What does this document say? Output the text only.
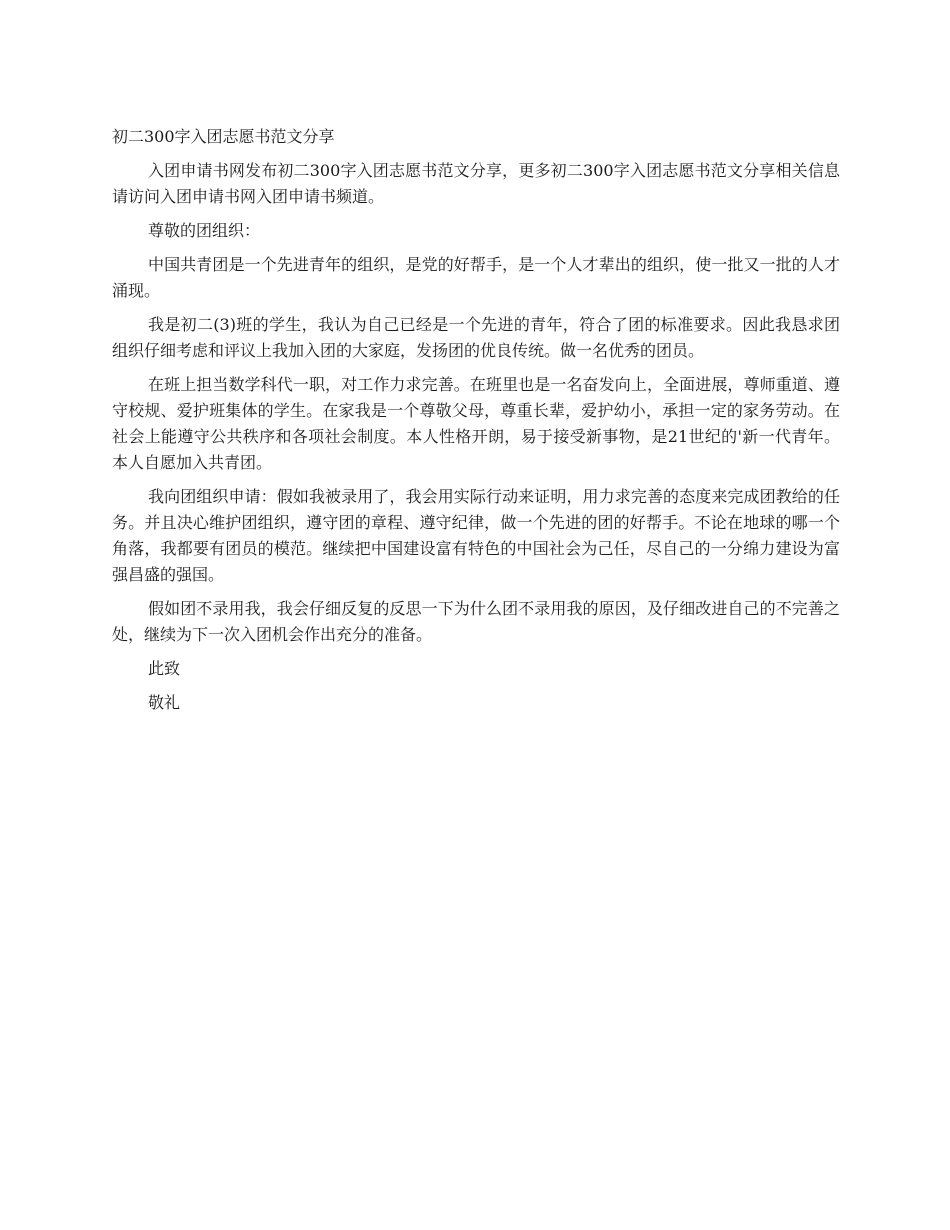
初二300字入团志愿书范文分享

入团申请书网发布初二300字入团志愿书范文分享，更多初二300字入团志愿书范文分享相关信息请访问入团申请书网入团申请书频道。

尊敬的团组织：

中国共青团是一个先进青年的组织，是党的好帮手，是一个人才辈出的组织，使一批又一批的人才涌现。

我是初二(3)班的学生，我认为自己已经是一个先进的青年，符合了团的标准要求。因此我恳求团组织仔细考虑和评议上我加入团的大家庭，发扬团的优良传统。做一名优秀的团员。

在班上担当数学科代一职，对工作力求完善。在班里也是一名奋发向上，全面进展，尊师重道、遵守校规、爱护班集体的学生。在家我是一个尊敬父母，尊重长辈，爱护幼小，承担一定的家务劳动。在社会上能遵守公共秩序和各项社会制度。本人性格开朗，易于接受新事物，是21世纪的'新一代青年。本人自愿加入共青团。

我向团组织申请：假如我被录用了，我会用实际行动来证明，用力求完善的态度来完成团教给的任务。并且决心维护团组织，遵守团的章程、遵守纪律，做一个先进的团的好帮手。不论在地球的哪一个角落，我都要有团员的模范。继续把中国建设富有特色的中国社会为己任，尽自己的一分绵力建设为富强昌盛的强国。

假如团不录用我，我会仔细反复的反思一下为什么团不录用我的原因，及仔细改进自己的不完善之处，继续为下一次入团机会作出充分的准备。

此致

敬礼
